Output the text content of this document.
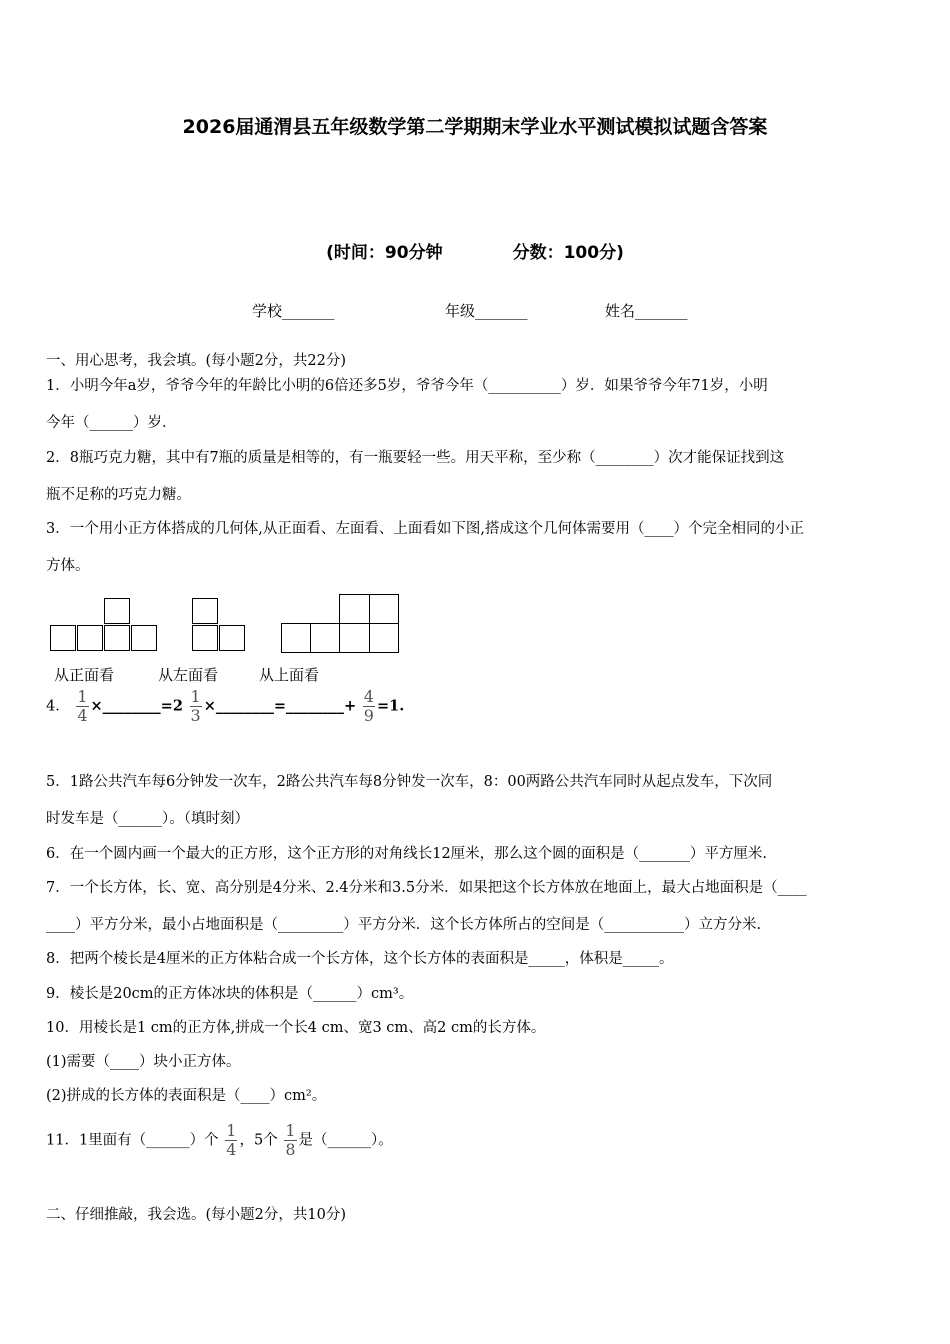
2026届通渭县五年级数学第二学期期末学业水平测试模拟试题含答案
(时间：90分钟	分数：100分)
学校_______	年级_______	姓名_______
一、用心思考，我会填。(每小题2分，共22分)
1．小明今年a岁，爷爷今年的年龄比小明的6倍还多5岁，爷爷今年（__________）岁．如果爷爷今年71岁，小明
今年（______）岁．
2．8瓶巧克力糖，其中有7瓶的质量是相等的，有一瓶要轻一些。用天平称，至少称（________）次才能保证找到这
瓶不足称的巧克力糖。
3．一个用小正方体搭成的几何体,从正面看、左面看、上面看如下图,搭成这个几何体需要用（____）个完全相同的小正
方体。
从正面看	从左面看	从上面看
4． $\frac{1}{4}$ ×________=2 $\frac{1}{3}$ ×________=________+ $\frac{4}{9} =1$.
5．1路公共汽车每6分钟发一次车，2路公共汽车每8分钟发一次车，8：00两路公共汽车同时从起点发车，下次同
时发车是（______）。（填时刻）
6．在一个圆内画一个最大的正方形，这个正方形的对角线长12厘米，那么这个圆的面积是（_______）平方厘米.
7．一个长方体，长、宽、高分别是4分米、2.4分米和3.5分米．如果把这个长方体放在地面上，最大占地面积是（____
____）平方分米，最小占地面积是（_________）平方分米．这个长方体所占的空间是（___________）立方分米.
8．把两个棱长是4厘米的正方体粘合成一个长方体，这个长方体的表面积是_____，体积是_____。
9．棱长是20cm的正方体冰块的体积是（______）cm³。
10．用棱长是1 cm的正方体,拼成一个长4 cm、宽3 cm、高2 cm的长方体。
(1)需要（____）块小正方体。
(2)拼成的长方体的表面积是（____）cm²。
11．1里面有（______）个 $\frac{1}{4}$ ，5个 $\frac{1}{8}$ 是（______）。
二、仔细推敲，我会选。(每小题2分，共10分)
